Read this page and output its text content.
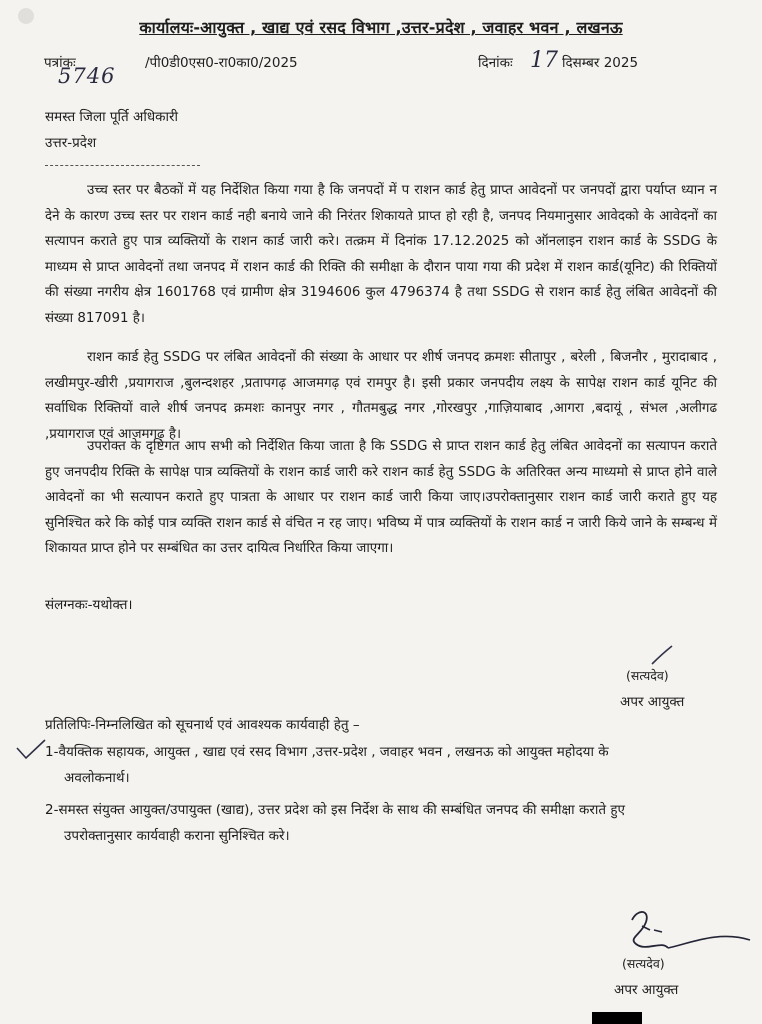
कार्यालयः-आयुक्त , खाद्य एवं रसद विभाग ,उत्तर-प्रदेश , जवाहर भवन , लखनऊ
पत्रांकः
5746
/पी0डी0एस0-रा0का0/2025	दिनांकः 17 दिसम्बर 2025
समस्त जिला पूर्ति अधिकारी
उत्तर-प्रदेश

उच्च स्तर पर बैठकों में यह निर्देशित किया गया है कि जनपदों में प राशन कार्ड हेतु प्राप्त आवेदनों पर जनपदों द्वारा पर्याप्त ध्यान न देने के कारण उच्च स्तर पर राशन कार्ड नही बनाये जाने की निरंतर शिकायते प्राप्त हो रही है, जनपद नियमानुसार आवेदको के आवेदनों का सत्यापन कराते हुए पात्र व्यक्तियों के राशन कार्ड जारी करे। तत्क्रम में दिनांक 17.12.2025 को ऑनलाइन राशन कार्ड के SSDG के माध्यम से प्राप्त आवेदनों तथा जनपद में राशन कार्ड की रिक्ति की समीक्षा के दौरान पाया गया की प्रदेश में राशन कार्ड(यूनिट) की रिक्तियों की संख्या नगरीय क्षेत्र 1601768 एवं ग्रामीण क्षेत्र 3194606 कुल 4796374 है तथा SSDG से राशन कार्ड हेतु लंबित आवेदनों की संख्या 817091 है।

राशन कार्ड हेतु SSDG पर लंबित आवेदनों की संख्या के आधार पर शीर्ष जनपद क्रमशः सीतापुर , बरेली , बिजनौर , मुरादाबाद , लखीमपुर-खीरी ,प्रयागराज ,बुलन्दशहर ,प्रतापगढ़ आजमगढ़ एवं रामपुर है। इसी प्रकार जनपदीय लक्ष्य के सापेक्ष राशन कार्ड यूनिट की सर्वाधिक रिक्तियों वाले शीर्ष जनपद क्रमशः कानपुर नगर , गौतमबुद्ध नगर ,गोरखपुर ,गाज़ियाबाद ,आगरा ,बदायूं , संभल ,अलीगढ ,प्रयागराज एवं आजमगढ़ है।

उपरोक्त के दृष्टिगत आप सभी को निर्देशित किया जाता है कि SSDG से प्राप्त राशन कार्ड हेतु लंबित आवेदनों का सत्यापन कराते हुए जनपदीय रिक्ति के सापेक्ष पात्र व्यक्तियों के राशन कार्ड जारी करे राशन कार्ड हेतु SSDG के अतिरिक्त अन्य माध्यमो से प्राप्त होने वाले आवेदनों का भी सत्यापन कराते हुए पात्रता के आधार पर राशन कार्ड जारी किया जाए।उपरोक्तानुसार राशन कार्ड जारी कराते हुए यह सुनिश्चित करे कि कोई पात्र व्यक्ति राशन कार्ड से वंचित न रह जाए। भविष्य में पात्र व्यक्तियों के राशन कार्ड न जारी किये जाने के सम्बन्ध में शिकायत प्राप्त होने पर सम्बंधित का उत्तर दायित्व निर्धारित किया जाएगा।

संलग्नकः-यथोक्त।
(सत्यदेव)
अपर आयुक्त
प्रतिलिपिः-निम्नलिखित को सूचनार्थ एवं आवश्यक कार्यवाही हेतु –
1-वैयक्तिक सहायक, आयुक्त , खाद्य एवं रसद विभाग ,उत्तर-प्रदेश , जवाहर भवन , लखनऊ को आयुक्त महोदया के
अवलोकनार्थ।
2-समस्त संयुक्त आयुक्त/उपायुक्त (खाद्य), उत्तर प्रदेश को इस निर्देश के साथ की सम्बंधित जनपद की समीक्षा कराते हुए
उपरोक्तानुसार कार्यवाही कराना सुनिश्चित करे।
(सत्यदेव)
अपर आयुक्त
